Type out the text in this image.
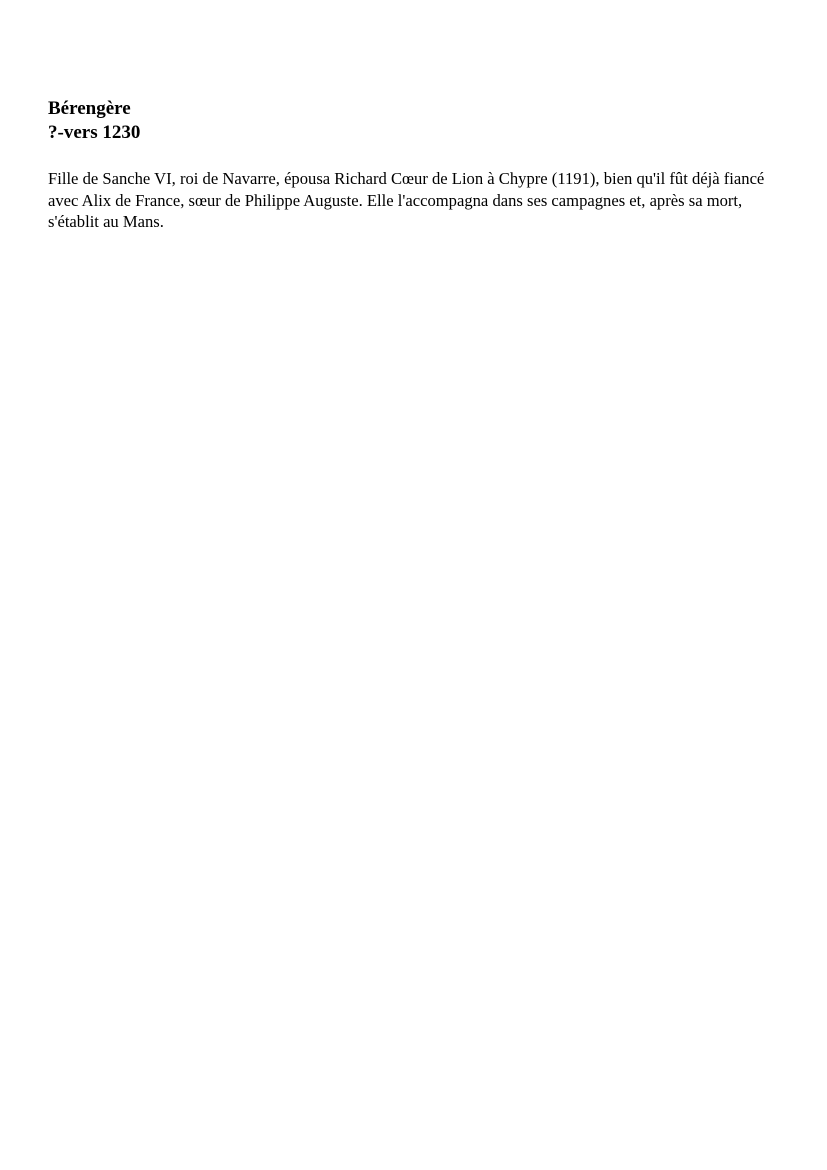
Bérengère
?-vers 1230

Fille de Sanche VI, roi de Navarre, épousa Richard Cœur de Lion à Chypre (1191), bien qu'il fût déjà fiancé avec Alix de France, sœur de Philippe Auguste. Elle l'accompagna dans ses campagnes et, après sa mort, s'établit au Mans.
